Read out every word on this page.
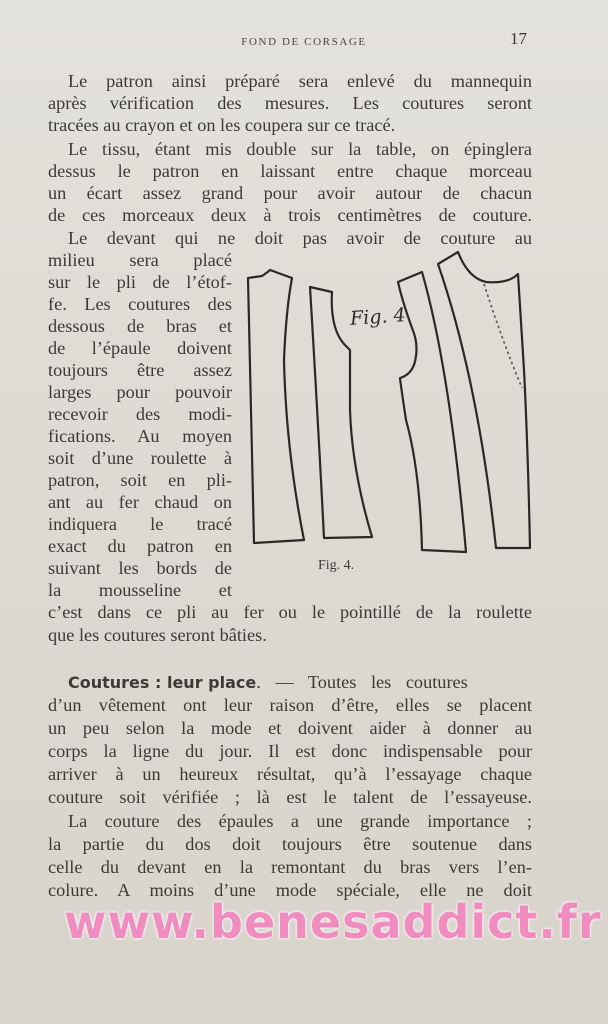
FOND DE CORSAGE	17
Le patron ainsi préparé sera enlevé du mannequin
après vérification des mesures. Les coutures seront
tracées au crayon et on les coupera sur ce tracé.
Le tissu, étant mis double sur la table, on épinglera
dessus le patron en laissant entre chaque morceau
un écart assez grand pour avoir autour de chacun
de ces morceaux deux à trois centimètres de couture.
Le devant qui ne doit pas avoir de couture au
milieu sera placé
sur le pli de l’étof-
fe. Les coutures des
dessous de bras et
de l’épaule doivent
toujours être assez
larges pour pouvoir
recevoir des modi-
fications. Au moyen
soit d’une roulette à
patron, soit en pli-
ant au fer chaud on
indiquera le tracé
exact du patron en
suivant les bords de
la mousseline et
c’est dans ce pli au fer ou le pointillé de la roulette
que les coutures seront bâties.
Fig. 4
Fig. 4.
Coutures : leur place. — Toutes les coutures
d’un vêtement ont leur raison d’être, elles se placent
un peu selon la mode et doivent aider à donner au
corps la ligne du jour. Il est donc indispensable pour
arriver à un heureux résultat, qu’à l’essayage chaque
couture soit vérifiée ; là est le talent de l’essayeuse.
La couture des épaules a une grande importance ;
la partie du dos doit toujours être soutenue dans
celle du devant en la remontant du bras vers l’en-
colure. A moins d’une mode spéciale, elle ne doit
www.benesaddict.fr
